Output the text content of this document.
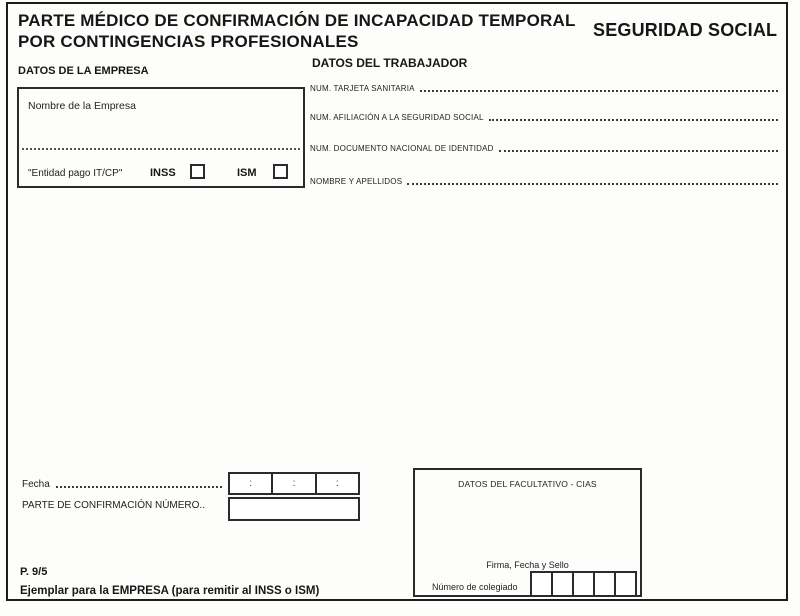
PARTE MÉDICO DE CONFIRMACIÓN DE INCAPACIDAD TEMPORAL
POR CONTINGENCIAS PROFESIONALES
SEGURIDAD SOCIAL
DATOS DE LA EMPRESA
Nombre de la Empresa
"Entidad pago IT/CP"	INSS	ISM
DATOS DEL TRABAJADOR
NUM. TARJETA SANITARIA
NUM. AFILIACIÓN A LA SEGURIDAD SOCIAL
NUM. DOCUMENTO NACIONAL DE IDENTIDAD
NOMBRE Y APELLIDOS
Fecha	:	:	:
PARTE DE CONFIRMACIÓN NÚMERO..
DATOS DEL FACULTATIVO - CIAS
Firma, Fecha y Sello
Número de colegiado
P. 9/5
Ejemplar para la EMPRESA (para remitir al INSS o ISM)
